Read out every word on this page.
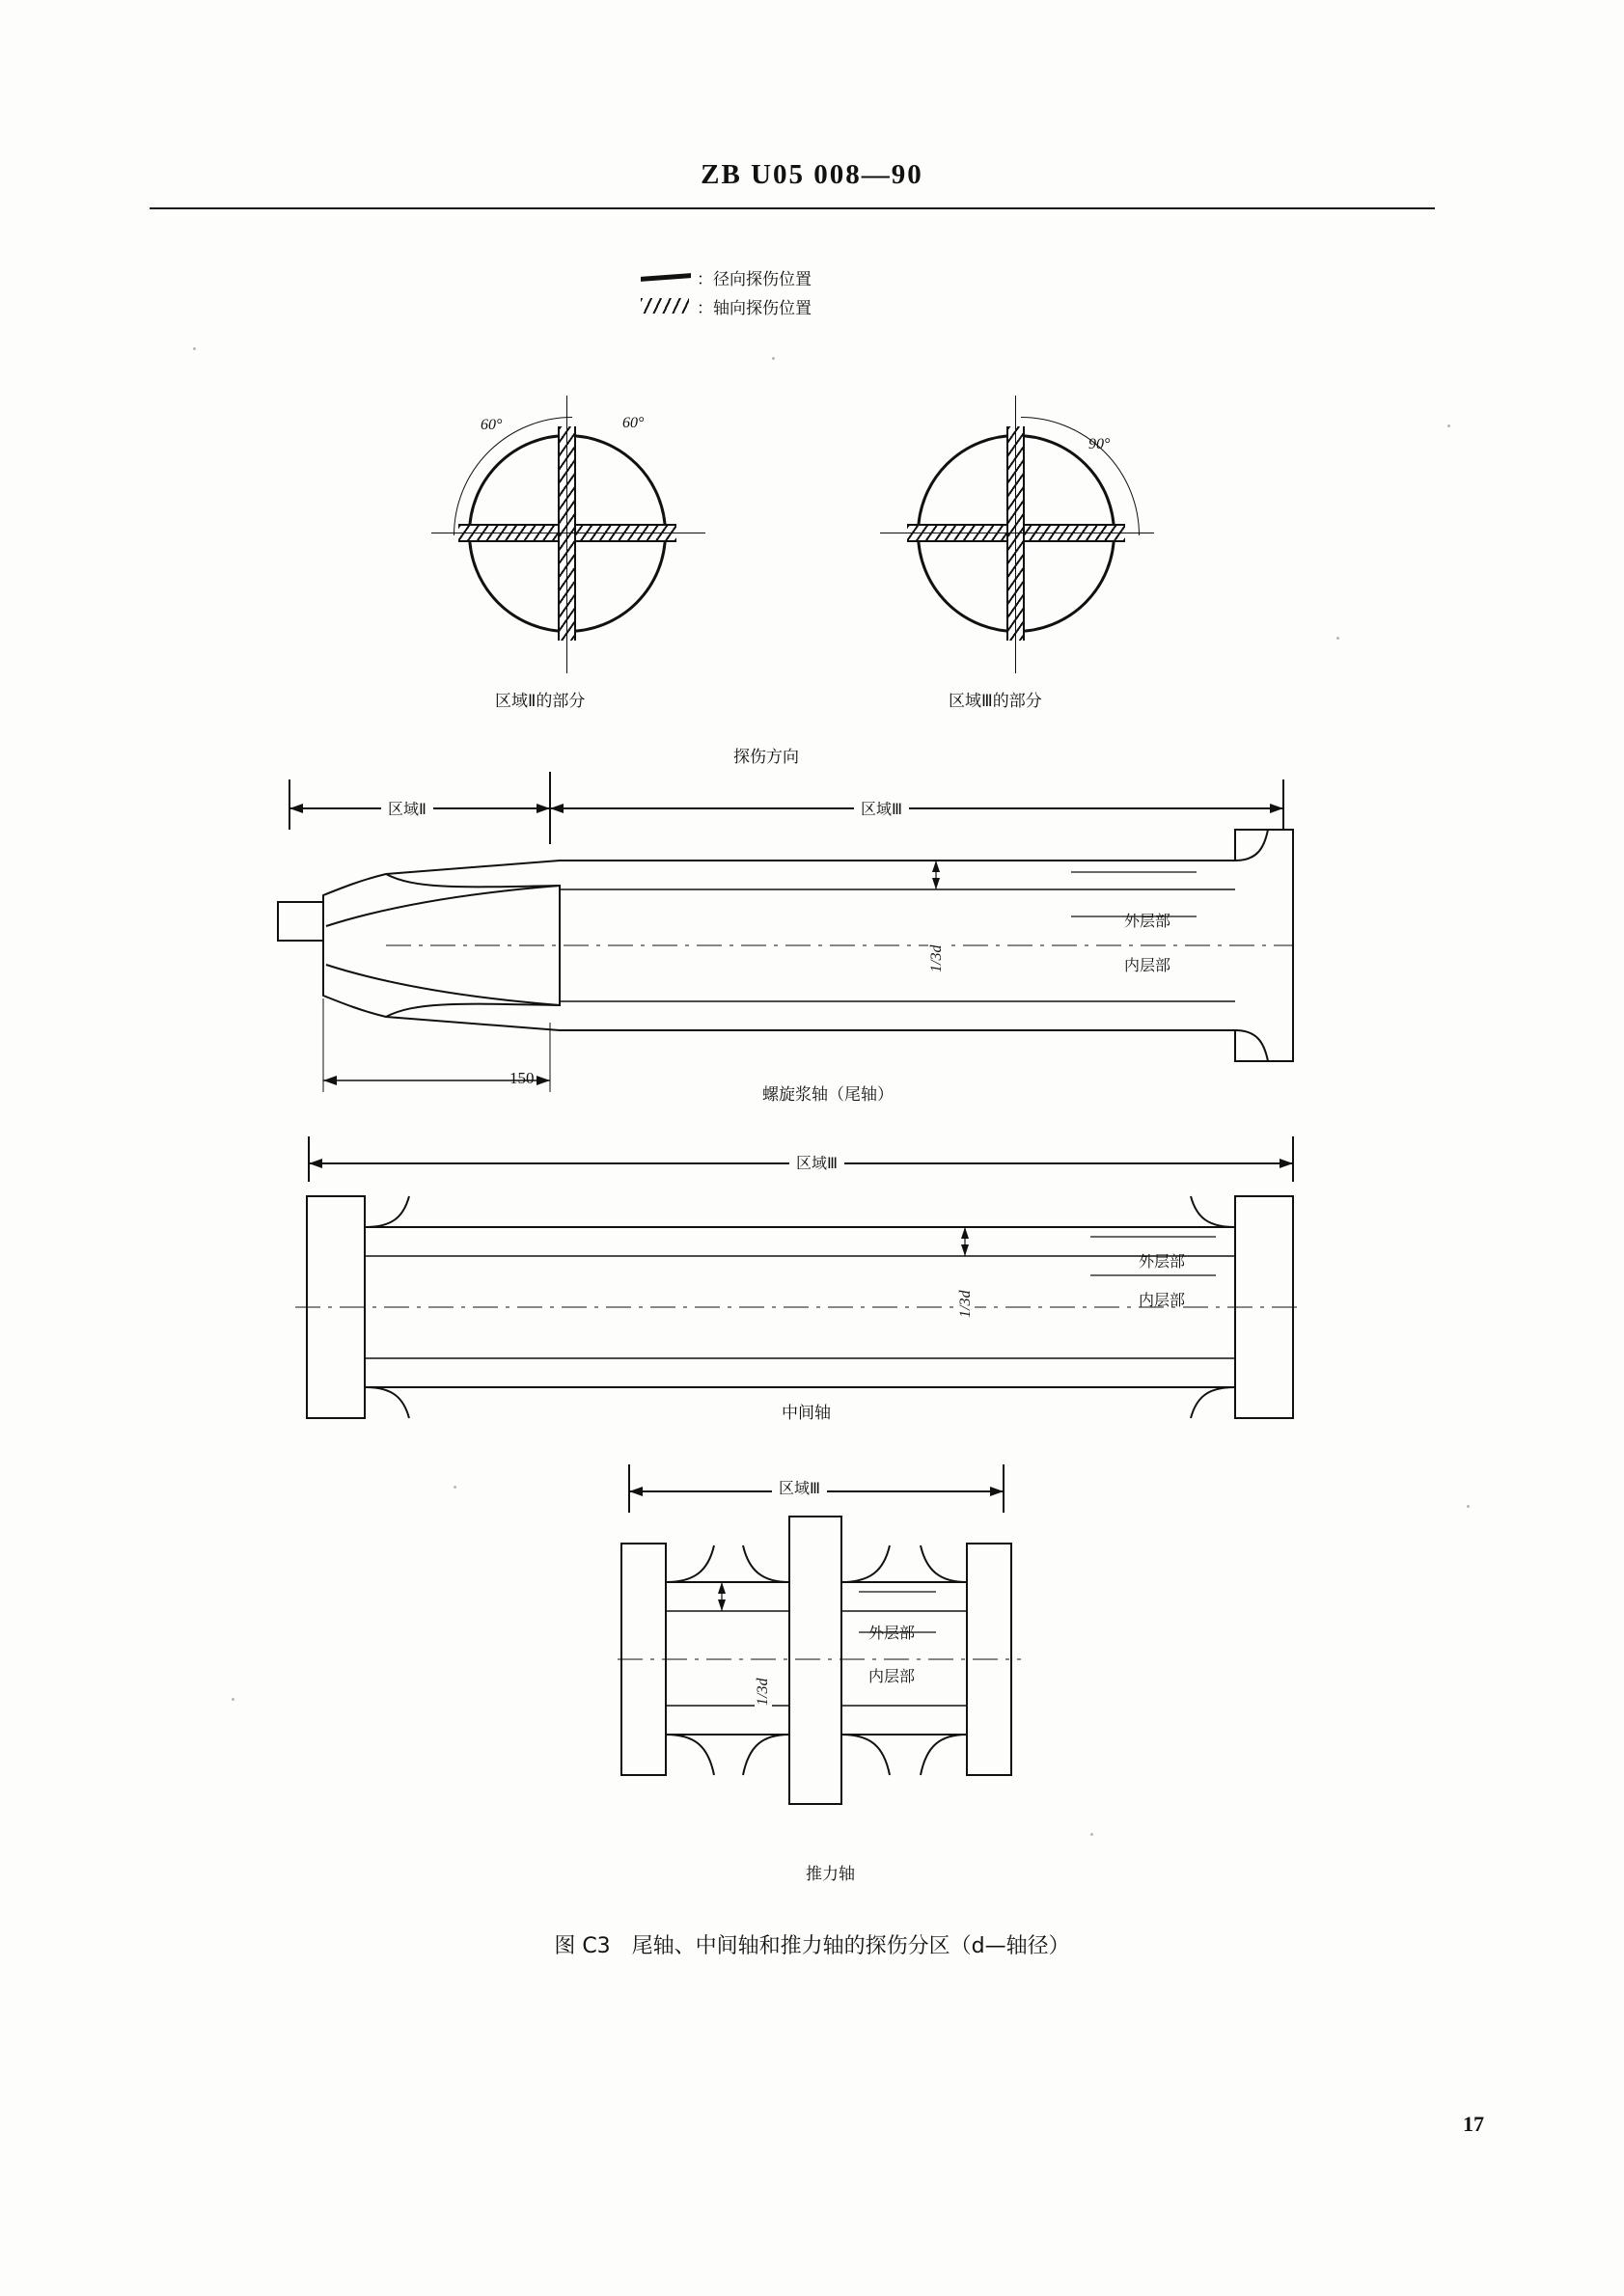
ZB U05 008—90
：径向探伤位置
：轴向探伤位置
60°	60°
区域Ⅱ的部分
90°
区域Ⅲ的部分
探伤方向
区域Ⅱ	区域Ⅲ
外层部
内层部
1/3d
150
螺旋浆轴（尾轴）
区域Ⅲ
外层部
内层部
1/3d
中间轴
区域Ⅲ
外层部
内层部
1/3d
推力轴
图 C3　尾轴、中间轴和推力轴的探伤分区（d—轴径）
17
